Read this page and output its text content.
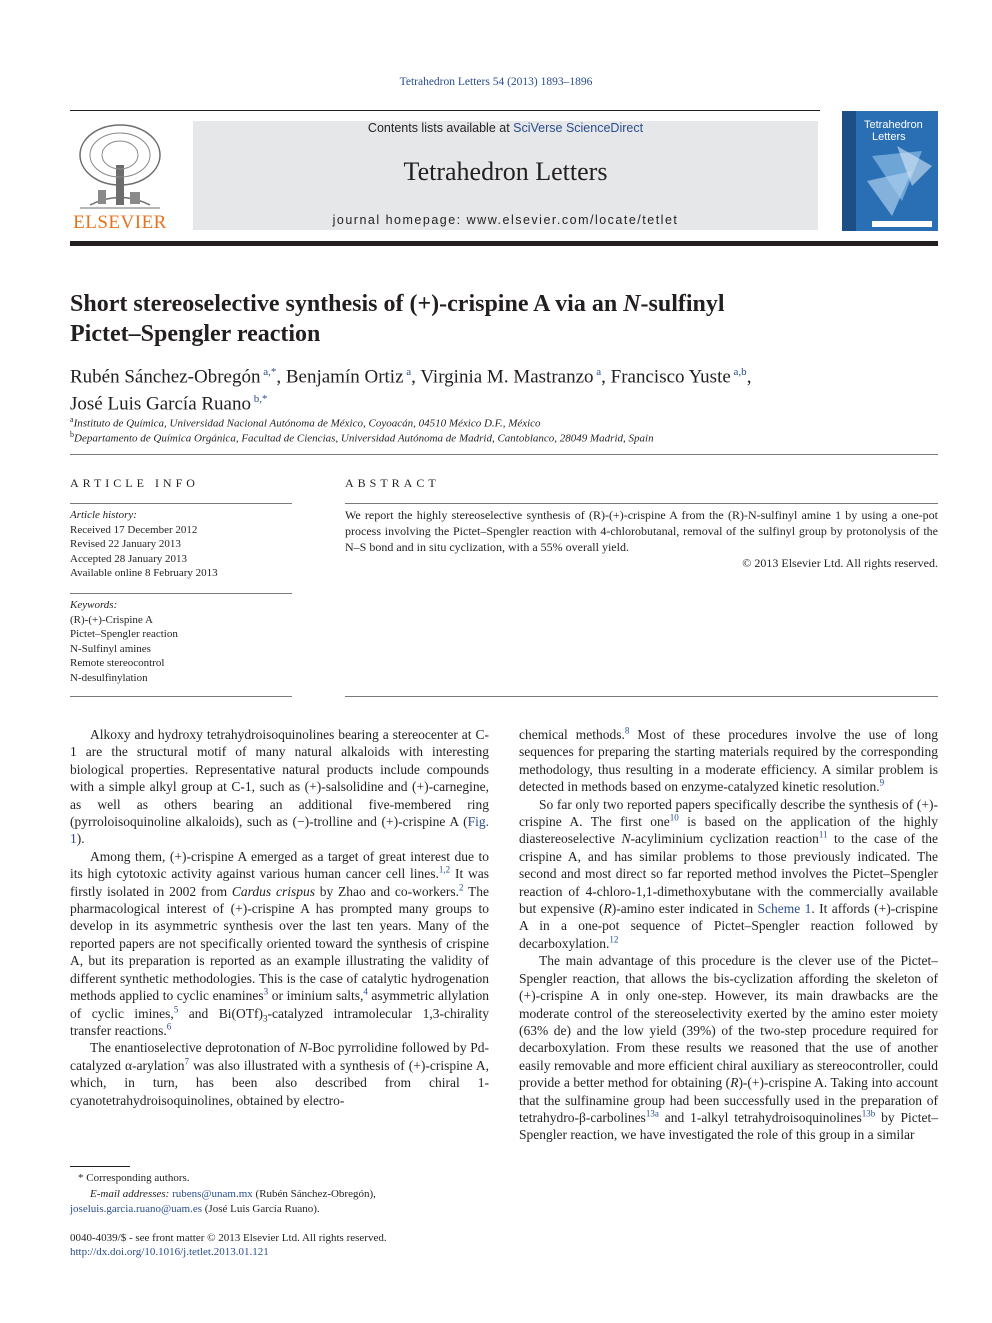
Tetrahedron Letters 54 (2013) 1893–1896
ELSEVIER
Contents lists available at SciVerse ScienceDirect
Tetrahedron Letters
journal homepage: www.elsevier.com/locate/tetlet
Tetrahedron
Letters
Short stereoselective synthesis of (+)-crispine A via an N-sulfinyl
Pictet–Spengler reaction
Rubén Sánchez-Obregón $^{a,*}$, Benjamín Ortiz $^a$, Virginia M. Mastranzo $^a$, Francisco Yuste $^{a,b}$,
José Luis García Ruano $^{b,*}$
$^a$Instituto de Química, Universidad Nacional Autónoma de México, Coyoacán, 04510 México D.F., México
$^b$Departamento de Química Orgánica, Facultad de Ciencias, Universidad Autónoma de Madrid, Cantoblanco, 28049 Madrid, Spain
ARTICLE INFO
Article history:
Received 17 December 2012
Revised 22 January 2013
Accepted 28 January 2013
Available online 8 February 2013
Keywords:
(R)-(+)-Crispine A
Pictet–Spengler reaction
N-Sulfinyl amines
Remote stereocontrol
N-desulfinylation
ABSTRACT
We report the highly stereoselective synthesis of (R)-(+)-crispine A from the (R)-N-sulfinyl amine 1 by using a one-pot process involving the Pictet–Spengler reaction with 4-chlorobutanal, removal of the sulfinyl group by protonolysis of the N–S bond and in situ cyclization, with a 55% overall yield.
© 2013 Elsevier Ltd. All rights reserved.

Alkoxy and hydroxy tetrahydroisoquinolines bearing a stereocenter at C-1 are the structural motif of many natural alkaloids with interesting biological properties. Representative natural products include compounds with a simple alkyl group at C-1, such as (+)-salsolidine and (+)-carnegine, as well as others bearing an additional five-membered ring (pyrroloisoquinoline alkaloids), such as (−)-trolline and (+)-crispine A (Fig. 1).

Among them, (+)-crispine A emerged as a target of great interest due to its high cytotoxic activity against various human cancer cell lines.$^{1,2}$ It was firstly isolated in 2002 from Cardus crispus by Zhao and co-workers.$^2$ The pharmacological interest of (+)-crispine A has prompted many groups to develop in its asymmetric synthesis over the last ten years. Many of the reported papers are not specifically oriented toward the synthesis of crispine A, but its preparation is reported as an example illustrating the validity of different synthetic methodologies. This is the case of catalytic hydrogenation methods applied to cyclic enamines$^3$ or iminium salts,$^4$ asymmetric allylation of cyclic imines,$^5$ and $Bi(OTf)_3$-catalyzed intramolecular 1,3-chirality transfer reactions.$^6$

The enantioselective deprotonation of N-Boc pyrrolidine followed by Pd-catalyzed α-arylation$^7$ was also illustrated with a synthesis of (+)-crispine A, which, in turn, has been also described from chiral 1-cyanotetrahydroisoquinolines, obtained by electro-

chemical methods.$^8$ Most of these procedures involve the use of long sequences for preparing the starting materials required by the corresponding methodology, thus resulting in a moderate efficiency. A similar problem is detected in methods based on enzyme-catalyzed kinetic resolution.$^9$

So far only two reported papers specifically describe the synthesis of (+)-crispine A. The first one$^{10}$ is based on the application of the highly diastereoselective N-acyliminium cyclization reaction$^{11}$ to the case of the crispine A, and has similar problems to those previously indicated. The second and most direct so far reported method involves the Pictet–Spengler reaction of 4-chloro-1,1-dimethoxybutane with the commercially available but expensive (R)-amino ester indicated in Scheme 1. It affords (+)-crispine A in a one-pot sequence of Pictet–Spengler reaction followed by decarboxylation.$^{12}$

The main advantage of this procedure is the clever use of the Pictet–Spengler reaction, that allows the bis-cyclization affording the skeleton of (+)-crispine A in only one-step. However, its main drawbacks are the moderate control of the stereoselectivity exerted by the amino ester moiety (63% de) and the low yield (39%) of the two-step procedure required for decarboxylation. From these results we reasoned that the use of another easily removable and more efficient chiral auxiliary as stereocontroller, could provide a better method for obtaining (R)-(+)-crispine A. Taking into account that the sulfinamine group had been successfully used in the preparation of tetrahydro-β-carbolines$^{13a}$ and 1-alkyl tetrahydroisoquinolines$^{13b}$ by Pictet–Spengler reaction, we have investigated the role of this group in a similar

* Corresponding authors.
E-mail addresses: rubens@unam.mx (Rubén Sánchez-Obregón), joseluis.garcia.ruano@uam.es (José Luis García Ruano).
0040-4039/$ - see front matter © 2013 Elsevier Ltd. All rights reserved.
http://dx.doi.org/10.1016/j.tetlet.2013.01.121
